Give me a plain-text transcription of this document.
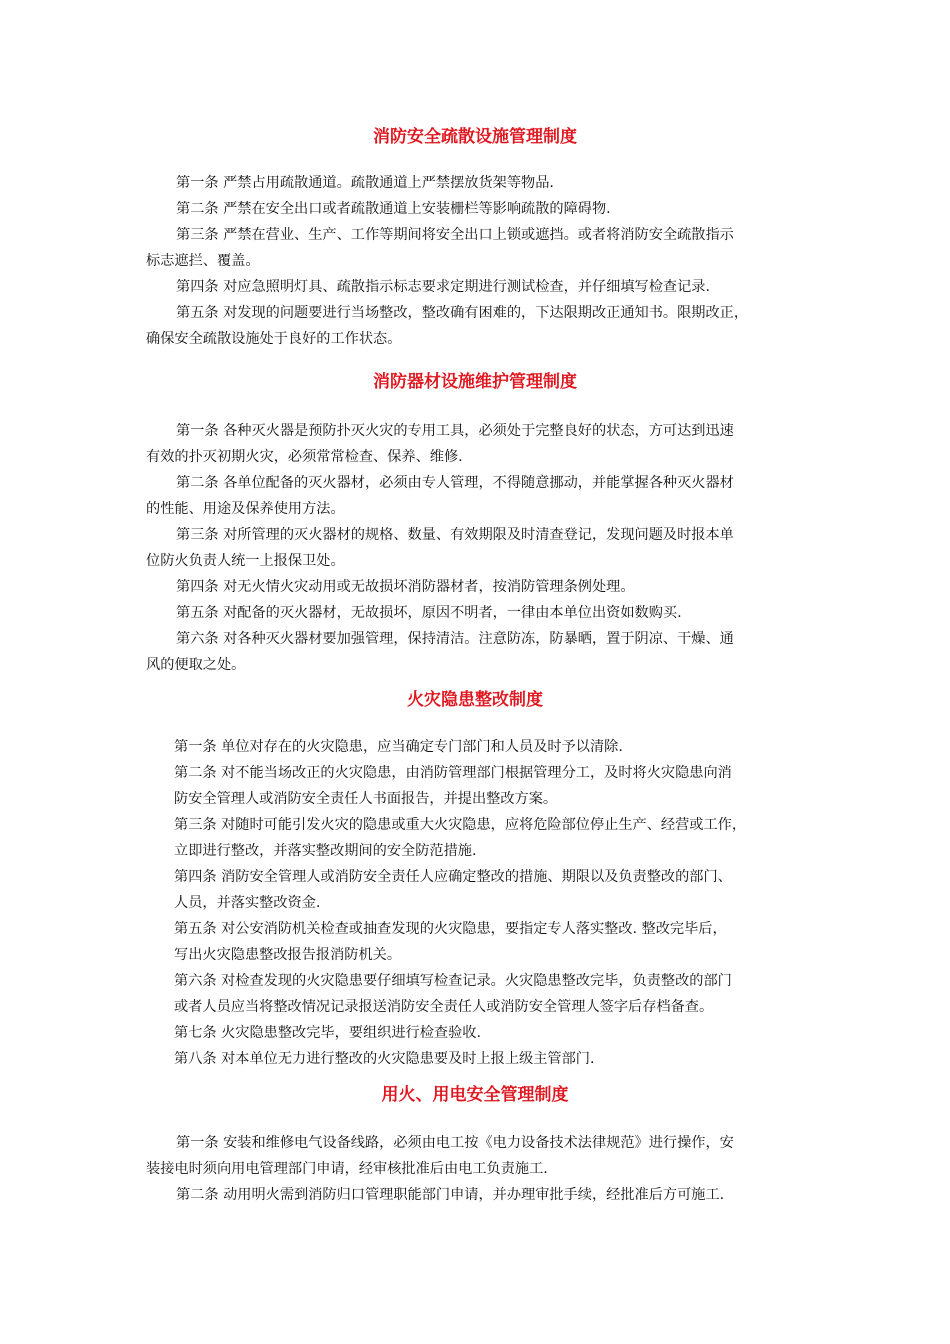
消防安全疏散设施管理制度

第一条 严禁占用疏散通道。疏散通道上严禁摆放货架等物品.

第二条 严禁在安全出口或者疏散通道上安装栅栏等影响疏散的障碍物.

第三条 严禁在营业、生产、工作等期间将安全出口上锁或遮挡。或者将消防安全疏散指示

标志遮拦、覆盖。

第四条 对应急照明灯具、疏散指示标志要求定期进行测试检查，并仔细填写检查记录.

第五条 对发现的问题要进行当场整改，整改确有困难的，下达限期改正通知书。限期改正，

确保安全疏散设施处于良好的工作状态。

消防器材设施维护管理制度

第一条 各种灭火器是预防扑灭火灾的专用工具，必须处于完整良好的状态，方可达到迅速

有效的扑灭初期火灾，必须常常检查、保养、维修.

第二条 各单位配备的灭火器材，必须由专人管理，不得随意挪动，并能掌握各种灭火器材

的性能、用途及保养使用方法。

第三条 对所管理的灭火器材的规格、数量、有效期限及时清查登记，发现问题及时报本单

位防火负责人统一上报保卫处。

第四条 对无火情火灾动用或无故损坏消防器材者，按消防管理条例处理。

第五条 对配备的灭火器材，无故损坏，原因不明者，一律由本单位出资如数购买.

第六条 对各种灭火器材要加强管理，保持清洁。注意防冻，防暴晒，置于阴凉、干燥、通

风的便取之处。

火灾隐患整改制度

第一条 单位对存在的火灾隐患，应当确定专门部门和人员及时予以清除.

第二条 对不能当场改正的火灾隐患，由消防管理部门根据管理分工，及时将火灾隐患向消

防安全管理人或消防安全责任人书面报告，并提出整改方案。

第三条 对随时可能引发火灾的隐患或重大火灾隐患，应将危险部位停止生产、经营或工作，

立即进行整改，并落实整改期间的安全防范措施.

第四条 消防安全管理人或消防安全责任人应确定整改的措施、期限以及负责整改的部门、

人员，并落实整改资金.

第五条 对公安消防机关检查或抽查发现的火灾隐患，要指定专人落实整改. 整改完毕后，

写出火灾隐患整改报告报消防机关。

第六条 对检查发现的火灾隐患要仔细填写检查记录。火灾隐患整改完毕，负责整改的部门

或者人员应当将整改情况记录报送消防安全责任人或消防安全管理人签字后存档备查。

第七条 火灾隐患整改完毕，要组织进行检查验收.

第八条 对本单位无力进行整改的火灾隐患要及时上报上级主管部门.

用火、用电安全管理制度

第一条 安装和维修电气设备线路，必须由电工按《电力设备技术法律规范》进行操作，安

装接电时须向用电管理部门申请，经审核批准后由电工负责施工.

第二条 动用明火需到消防归口管理职能部门申请，并办理审批手续，经批准后方可施工.
